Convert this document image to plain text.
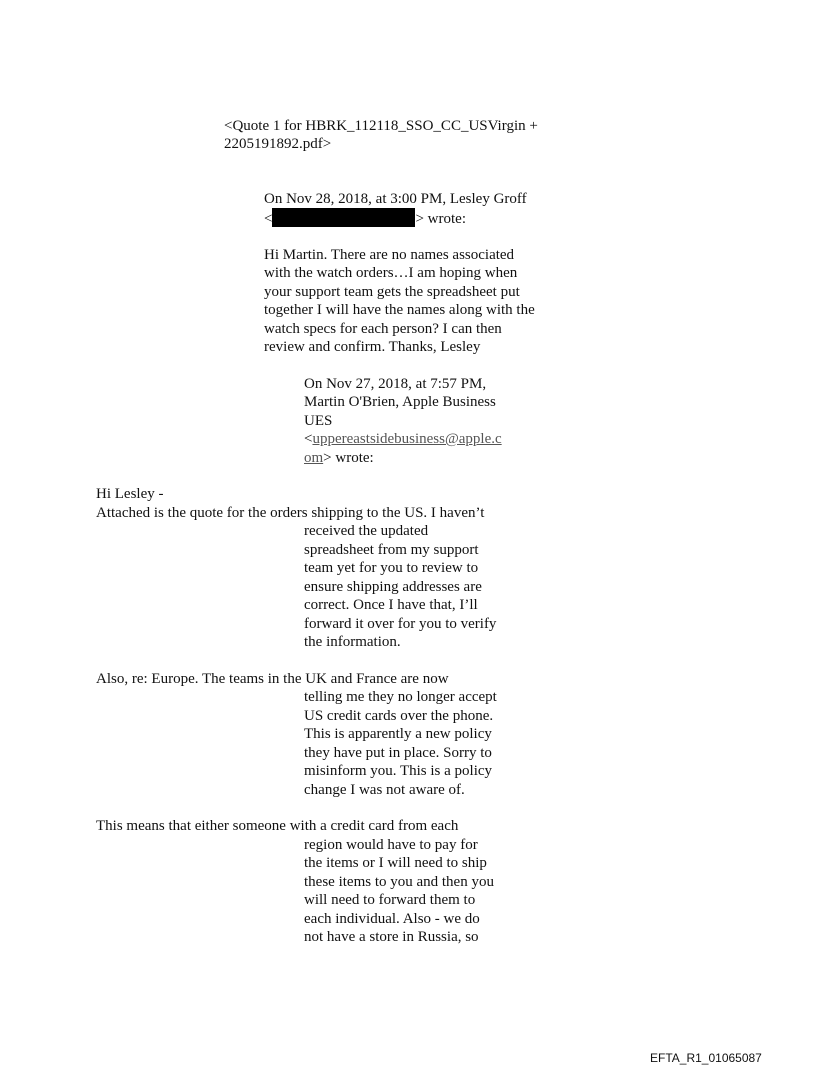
<Quote 1 for HBRK_112118_SSO_CC_USVirgin +
2205191892.pdf>
On Nov 28, 2018, at 3:00 PM, Lesley Groff
<	> wrote:
Hi Martin. There are no names associated
with the watch orders…I am hoping when
your support team gets the spreadsheet put
together I will have the names along with the
watch specs for each person? I can then
review and confirm. Thanks, Lesley
On Nov 27, 2018, at 7:57 PM,
Martin O'Brien, Apple Business
UES
<uppereastsidebusiness@apple.c
om> wrote:
Hi Lesley -
Attached is the quote for the orders shipping to the US. I haven’t
received the updated
spreadsheet from my support
team yet for you to review to
ensure shipping addresses are
correct. Once I have that, I’ll
forward it over for you to verify
the information.
Also, re: Europe. The teams in the UK and France are now
telling me they no longer accept
US credit cards over the phone.
This is apparently a new policy
they have put in place. Sorry to
misinform you. This is a policy
change I was not aware of.
This means that either someone with a credit card from each
region would have to pay for
the items or I will need to ship
these items to you and then you
will need to forward them to
each individual. Also - we do
not have a store in Russia, so
EFTA_R1_01065087
